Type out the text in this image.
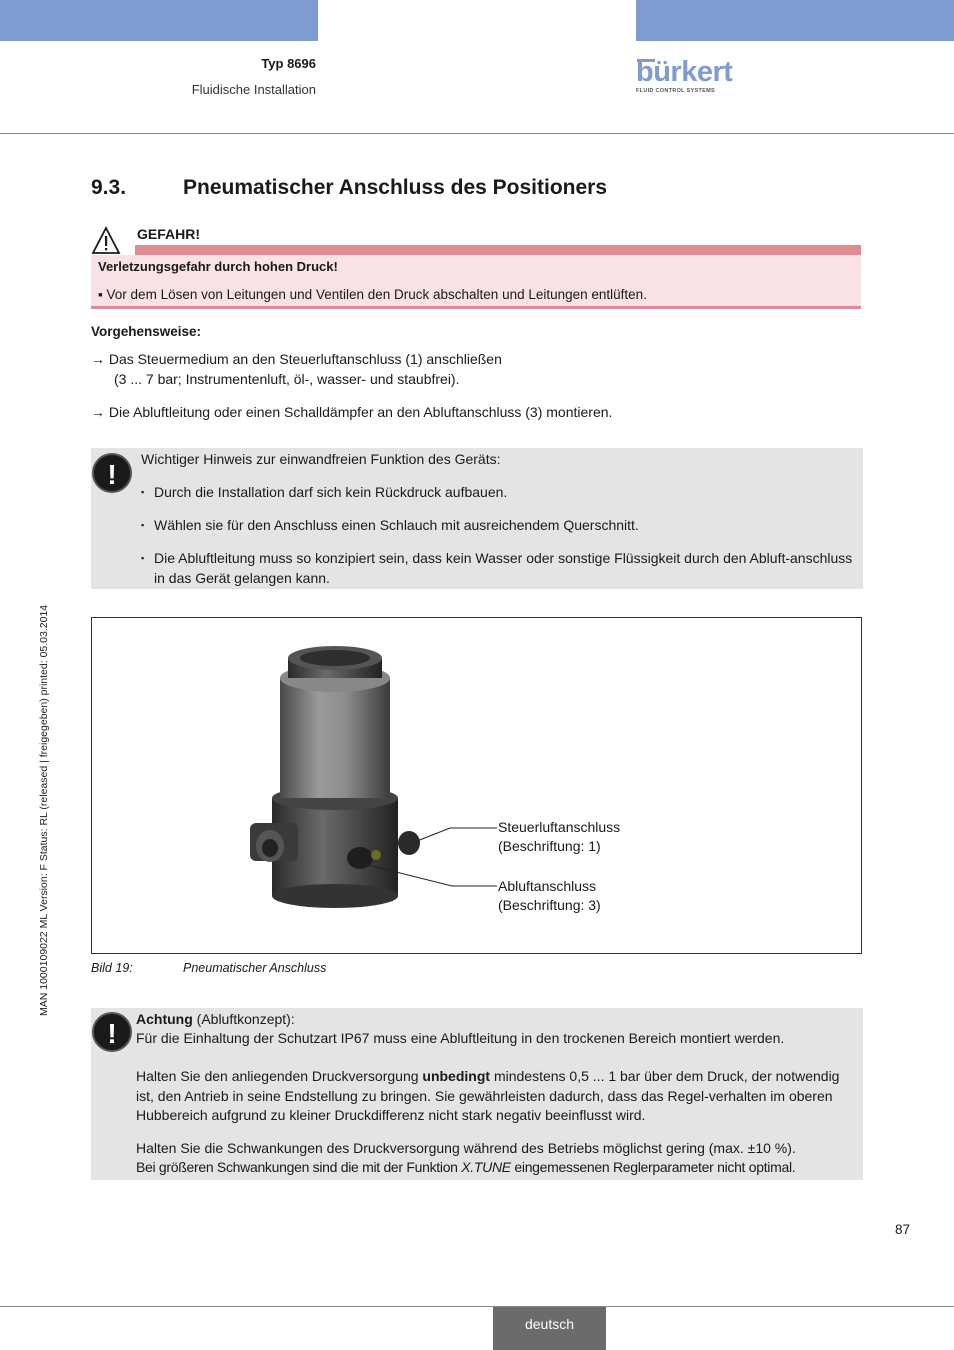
Typ 8696
Fluidische Installation
bürkert
FLUID CONTROL SYSTEMS
MAN 1000109022 ML Version: F Status: RL (released | freigegeben) printed: 05.03.2014
9.3.	Pneumatischer Anschluss des Positioners
GEFAHR!
Verletzungsgefahr durch hohen Druck!
▪ Vor dem Lösen von Leitungen und Ventilen den Druck abschalten und Leitungen entlüften.
Vorgehensweise:
→ Das Steuermedium an den Steuerluftanschluss (1) anschließen
(3 ... 7 bar; Instrumentenluft, öl-, wasser- und staubfrei).
→ Die Abluftleitung oder einen Schalldämpfer an den Abluftanschluss (3) montieren.
!	Wichtiger Hinweis zur einwandfreien Funktion des Geräts:
▪ Durch die Installation darf sich kein Rückdruck aufbauen.
▪ Wählen sie für den Anschluss einen Schlauch mit ausreichendem Querschnitt.
▪ Die Abluftleitung muss so konzipiert sein, dass kein Wasser oder sonstige Flüssigkeit durch den Abluft-anschluss in das Gerät gelangen kann.
Steuerluftanschluss
(Beschriftung: 1)
Abluftanschluss
(Beschriftung: 3)
Bild 19:	Pneumatischer Anschluss
!	Achtung (Abluftkonzept):
Für die Einhaltung der Schutzart IP67 muss eine Abluftleitung in den trockenen Bereich montiert werden.
Halten Sie den anliegenden Druckversorgung unbedingt mindestens 0,5 ... 1 bar über dem Druck, der notwendig ist, den Antrieb in seine Endstellung zu bringen. Sie gewährleisten dadurch, dass das Regel-verhalten im oberen Hubbereich aufgrund zu kleiner Druckdifferenz nicht stark negativ beeinflusst wird.
Halten Sie die Schwankungen des Druckversorgung während des Betriebs möglichst gering (max. ±10 %).
Bei größeren Schwankungen sind die mit der Funktion X.TUNE eingemessenen Reglerparameter nicht optimal.
87
deutsch
